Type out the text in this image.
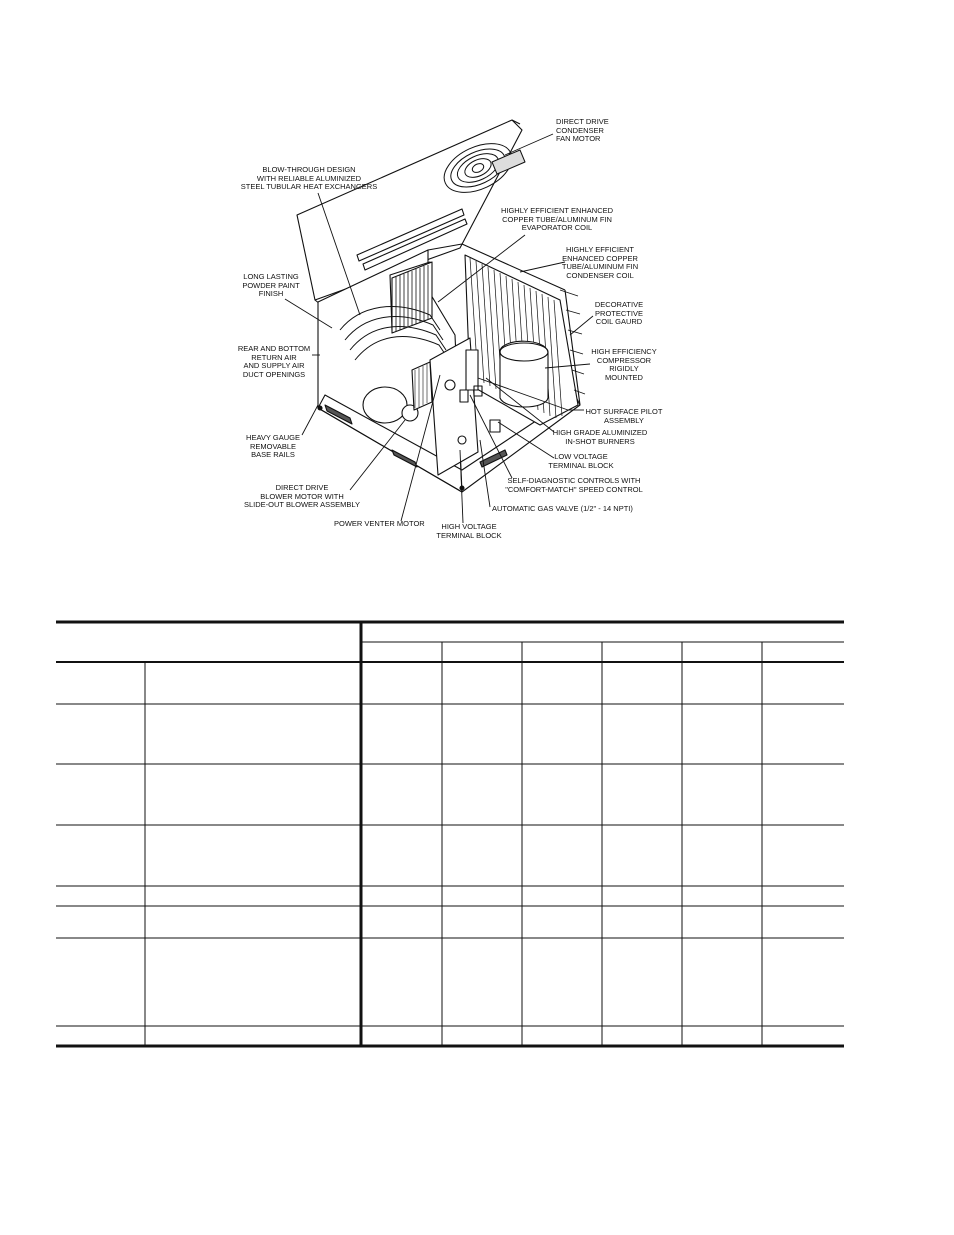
DIRECT DRIVE
CONDENSER
FAN MOTOR
BLOW-THROUGH DESIGN
WITH RELIABLE ALUMINIZED
STEEL TUBULAR HEAT EXCHANGERS
HIGHLY EFFICIENT ENHANCED
COPPER TUBE/ALUMINUM FIN
EVAPORATOR COIL
HIGHLY EFFICIENT
ENHANCED COPPER
TUBE/ALUMINUM FIN
CONDENSER COIL
LONG LASTING
POWDER PAINT
FINISH
DECORATIVE
PROTECTIVE
COIL GAURD
REAR AND BOTTOM
RETURN AIR
AND SUPPLY AIR
DUCT OPENINGS
HIGH EFFICIENCY
COMPRESSOR
RIGIDLY
MOUNTED
HOT SURFACE PILOT
ASSEMBLY
HEAVY GAUGE
REMOVABLE
BASE RAILS
HIGH GRADE ALUMINIZED
IN-SHOT BURNERS
LOW VOLTAGE
TERMINAL BLOCK
SELF-DIAGNOSTIC CONTROLS WITH
"COMFORT-MATCH" SPEED CONTROL
DIRECT DRIVE
BLOWER MOTOR WITH
SLIDE-OUT BLOWER ASSEMBLY	AUTOMATIC GAS VALVE (1/2" - 14 NPTI)
POWER VENTER MOTOR	HIGH VOLTAGE
TERMINAL BLOCK
